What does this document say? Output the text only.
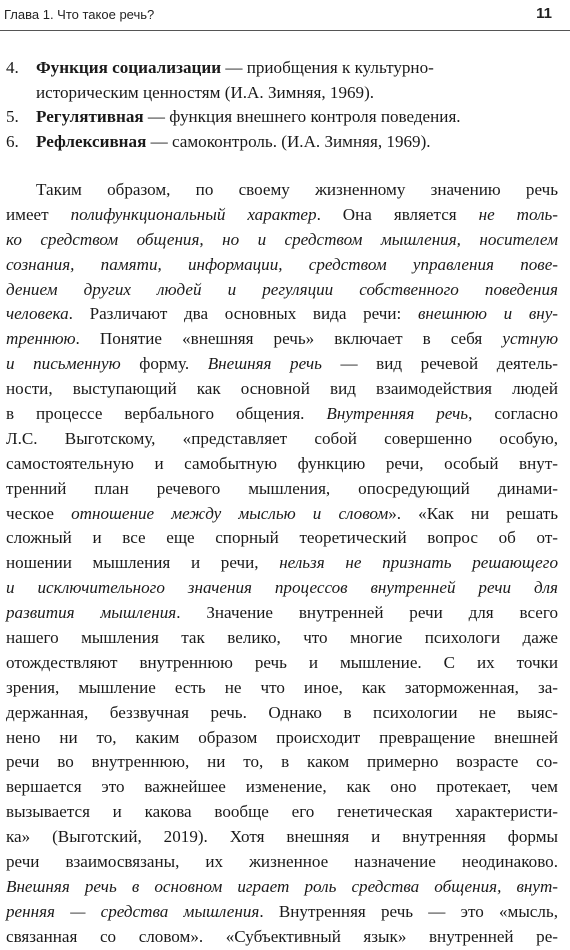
Глава 1. Что такое речь?	11
4. Функция социализации — приобщения к культурно-
историческим ценностям (И.А. Зимняя, 1969).
5. Регулятивная — функция внешнего контроля поведения.
6. Рефлексивная — самоконтроль. (И.А. Зимняя, 1969).
Таким образом, по своему жизненному значению речь
имеет полифункциональный характер. Она является не толь-
ко средством общения, но и средством мышления, носителем
сознания, памяти, информации, средством управления пове-
дением других людей и регуляции собственного поведения
человека. Различают два основных вида речи: внешнюю и вну-
треннюю. Понятие «внешняя речь» включает в себя устную
и письменную форму. Внешняя речь — вид речевой деятель-
ности, выступающий как основной вид взаимодействия людей
в процессе вербального общения. Внутренняя речь, согласно
Л.С. Выготскому, «представляет собой совершенно особую,
самостоятельную и самобытную функцию речи, особый внут-
тренний план речевого мышления, опосредующий динами-
ческое отношение между мыслью и словом». «Как ни решать
сложный и все еще спорный теоретический вопрос об от-
ношении мышления и речи, нельзя не признать решающего
и исключительного значения процессов внутренней речи для
развития мышления. Значение внутренней речи для всего
нашего мышления так велико, что многие психологи даже
отождествляют внутреннюю речь и мышление. С их точки
зрения, мышление есть не что иное, как заторможенная, за-
держанная, беззвучная речь. Однако в психологии не выяс-
нено ни то, каким образом происходит превращение внешней
речи во внутреннюю, ни то, в каком примерно возрасте со-
вершается это важнейшее изменение, как оно протекает, чем
вызывается и какова вообще его генетическая характеристи-
ка» (Выготский, 2019). Хотя внешняя и внутренняя формы
речи взаимосвязаны, их жизненное назначение неодинаково.
Внешняя речь в основном играет роль средства общения, внут-
ренняя — средства мышления. Внутренняя речь — это «мысль,
связанная со словом». «Субъективный язык» внутренней ре-
